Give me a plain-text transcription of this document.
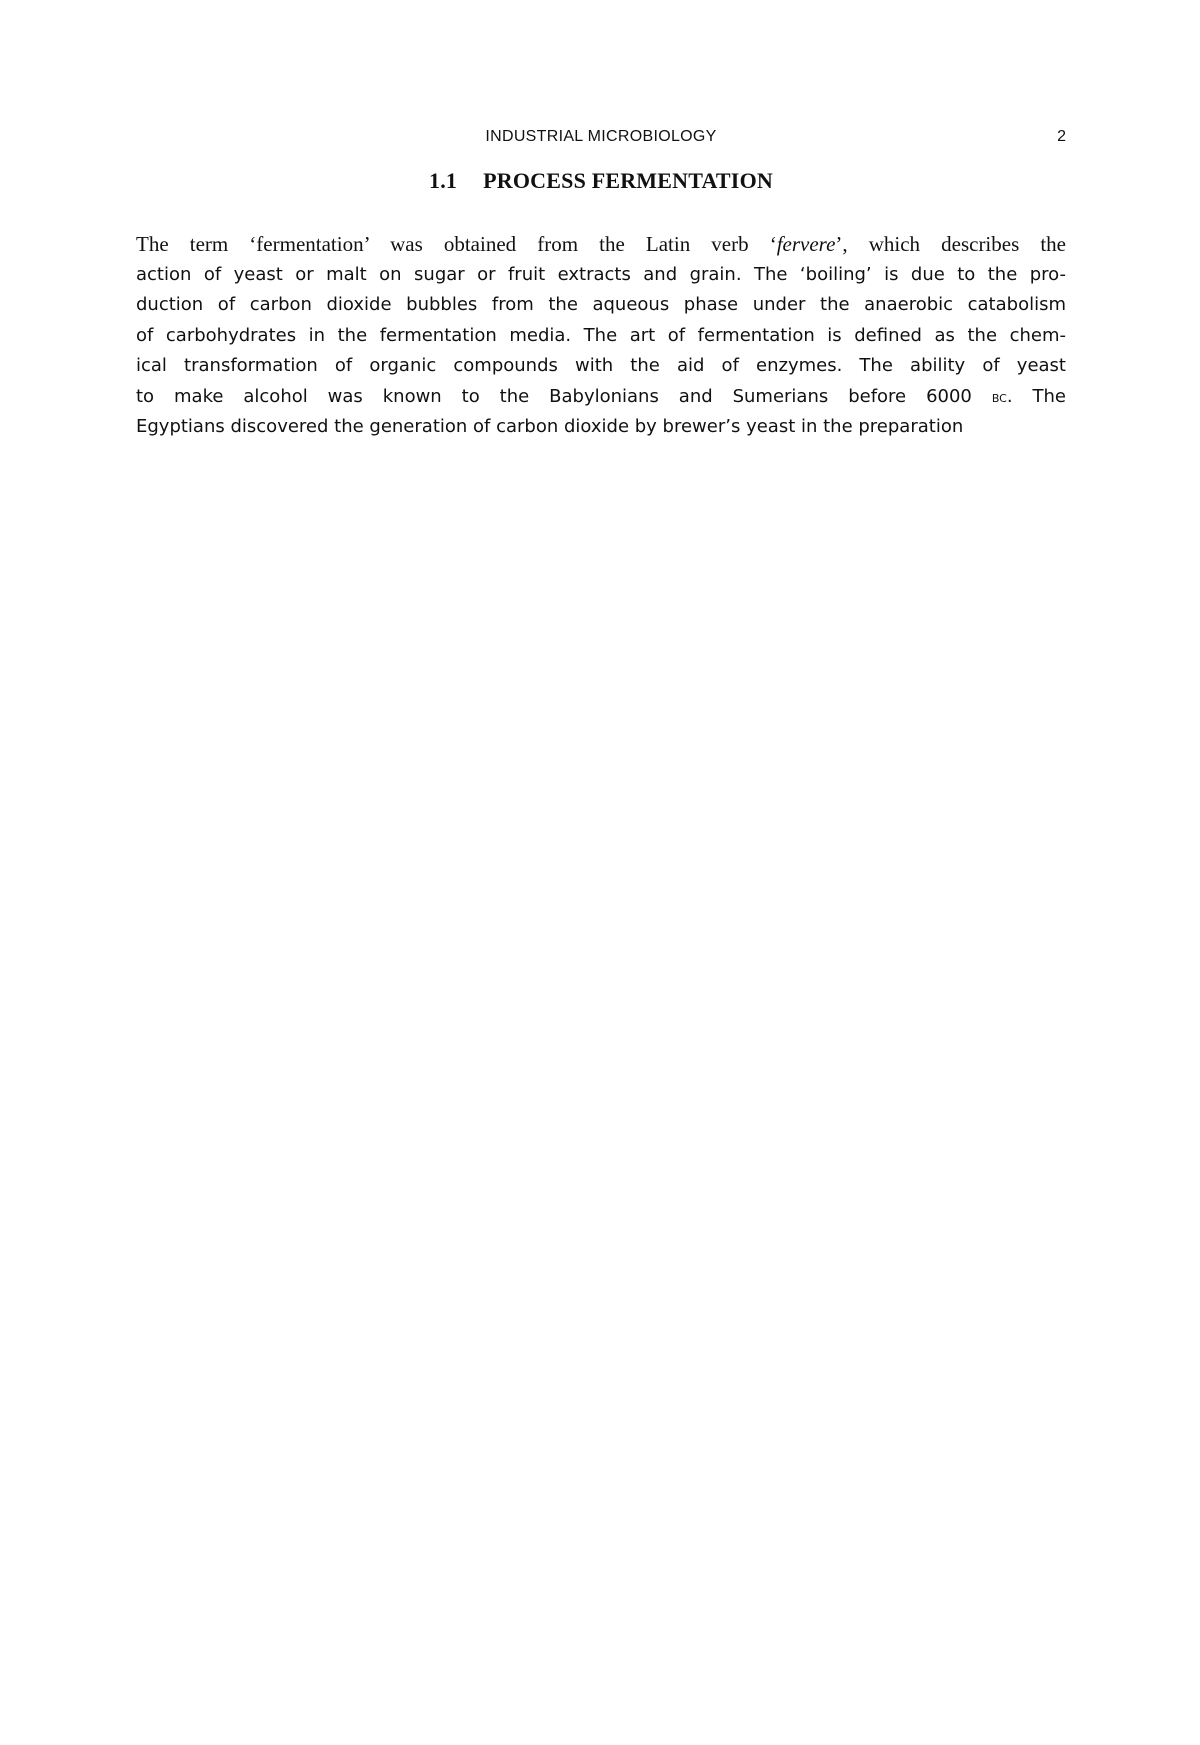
INDUSTRIAL MICROBIOLOGY	2
1.1 PROCESS FERMENTATION
The term ‘fermentation’ was obtained from the Latin verb ‘fervere’, which describes the
action of yeast or malt on sugar or fruit extracts and grain. The ‘boiling’ is due to the pro-
duction of carbon dioxide bubbles from the aqueous phase under the anaerobic catabolism
of carbohydrates in the fermentation media. The art of fermentation is defined as the chem-
ical transformation of organic compounds with the aid of enzymes. The ability of yeast
to make alcohol was known to the Babylonians and Sumerians before 6000 bc. The
Egyptians discovered the generation of carbon dioxide by brewer’s yeast in the preparation
